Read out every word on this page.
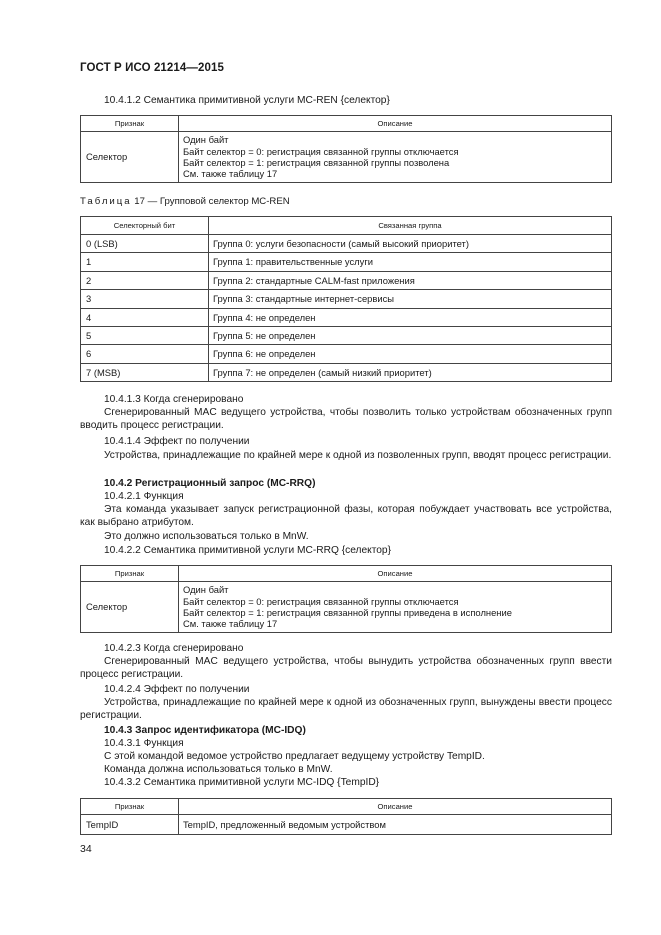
ГОСТ Р ИСО 21214—2015
10.4.1.2 Семантика примитивной услуги MC-REN {селектор}
Признак	Описание
Селектор	Один байт
Байт селектор = 0: регистрация связанной группы отключается
Байт селектор = 1: регистрация связанной группы позволена
См. также таблицу 17
Таблица 17 — Групповой селектор MC-REN
Селекторный бит	Связанная группа
0 (LSB)	Группа 0: услуги безопасности (самый высокий приоритет)
1	Группа 1: правительственные услуги
2	Группа 2: стандартные CALM-fast приложения
3	Группа 3: стандартные интернет-сервисы
4	Группа 4: не определен
5	Группа 5: не определен
6	Группа 6: не определен
7 (MSB)	Группа 7: не определен (самый низкий приоритет)
10.4.1.3 Когда сгенерировано
Сгенерированный MAC ведущего устройства, чтобы позволить только устройствам обозначенных групп вводить процесс регистрации.
10.4.1.4 Эффект по получении
Устройства, принадлежащие по крайней мере к одной из позволенных групп, вводят процесс регистрации.
10.4.2 Регистрационный запрос (MC-RRQ)
10.4.2.1 Функция
Эта команда указывает запуск регистрационной фазы, которая побуждает участвовать все устройства, как выбрано атрибутом.
Это должно использоваться только в MnW.
10.4.2.2 Семантика примитивной услуги MC-RRQ {селектор}
Признак	Описание
Селектор	Один байт
Байт селектор = 0: регистрация связанной группы отключается
Байт селектор = 1: регистрация связанной группы приведена в исполнение
См. также таблицу 17
10.4.2.3 Когда сгенерировано
Сгенерированный MAC ведущего устройства, чтобы вынудить устройства обозначенных групп ввести процесс регистрации.
10.4.2.4 Эффект по получении
Устройства, принадлежащие по крайней мере к одной из обозначенных групп, вынуждены ввести процесс регистрации.
10.4.3 Запрос идентификатора (MC-IDQ)
10.4.3.1 Функция
С этой командой ведомое устройство предлагает ведущему устройству TempID.
Команда должна использоваться только в MnW.
10.4.3.2 Семантика примитивной услуги MC-IDQ {TempID}
Признак	Описание
TempID	TempID, предложенный ведомым устройством
34
